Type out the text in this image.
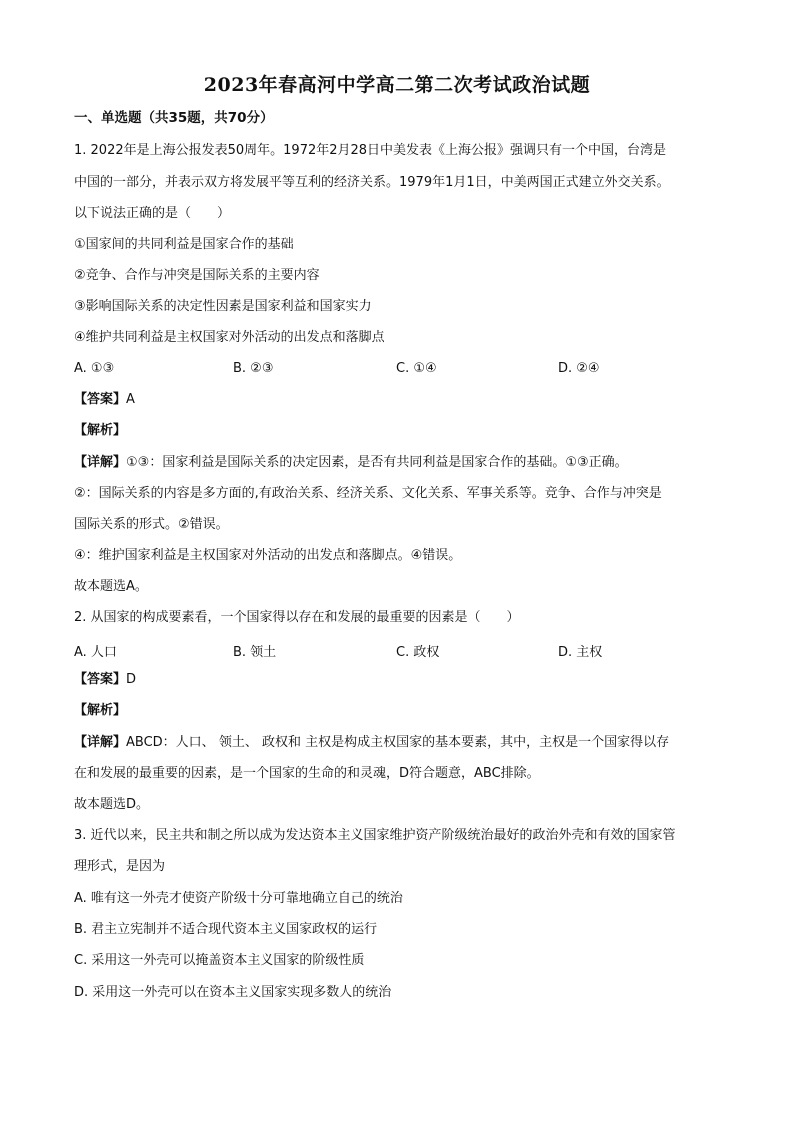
2023年春高河中学高二第二次考试政治试题
一、单选题（共35题，共70分）
1. 2022年是上海公报发表50周年。1972年2月28日中美发表《上海公报》强调只有一个中国，台湾是
中国的一部分，并表示双方将发展平等互利的经济关系。1979年1月1日，中美两国正式建立外交关系。
以下说法正确的是（　　）
①国家间的共同利益是国家合作的基础
②竞争、合作与冲突是国际关系的主要内容
③影响国际关系的决定性因素是国家利益和国家实力
④维护共同利益是主权国家对外活动的出发点和落脚点
A. ①③	B. ②③	C. ①④	D. ②④
【答案】A
【解析】
【详解】①③：国家利益是国际关系的决定因素，是否有共同利益是国家合作的基础。①③正确。
②：国际关系的内容是多方面的,有政治关系、经济关系、文化关系、军事关系等。竞争、合作与冲突是
国际关系的形式。②错误。
④：维护国家利益是主权国家对外活动的出发点和落脚点。④错误。
故本题选A。
2. 从国家的构成要素看，一个国家得以存在和发展的最重要的因素是（　　）
A. 人口	B. 领土	C. 政权	D. 主权
【答案】D
【解析】
【详解】ABCD：人口、 领土、 政权和 主权是构成主权国家的基本要素，其中，主权是一个国家得以存
在和发展的最重要的因素，是一个国家的生命的和灵魂，D符合题意，ABC排除。
故本题选D。
3. 近代以来，民主共和制之所以成为发达资本主义国家维护资产阶级统治最好的政治外壳和有效的国家管
理形式，是因为
A. 唯有这一外壳才使资产阶级十分可靠地确立自己的统治
B. 君主立宪制并不适合现代资本主义国家政权的运行
C. 采用这一外壳可以掩盖资本主义国家的阶级性质
D. 采用这一外壳可以在资本主义国家实现多数人的统治
